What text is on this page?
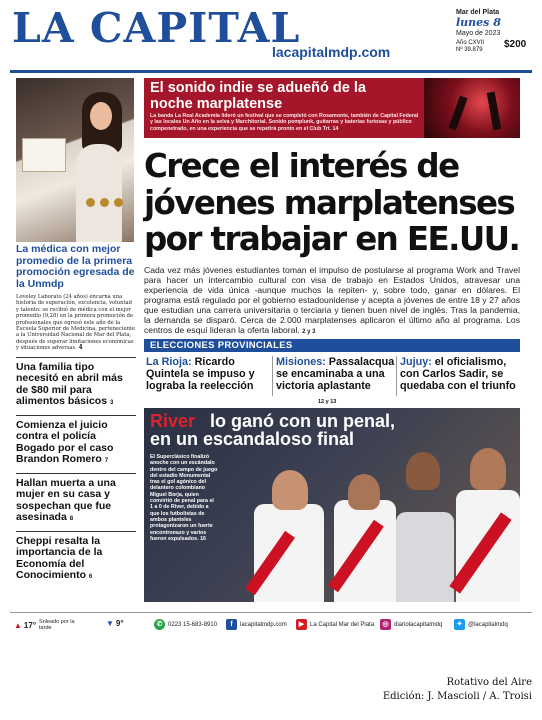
LA CAPITAL
lacapitalmdp.com
Mar del Plata
lunes 8
Mayo de 2023
Año CXVII
Nº 39.879	$200
La médica con mejor promedio de la primera promoción egresada de la Unmdp
Loveley Laborato (24 años) encarna una historia de superación, excelencia, voluntad y talento: se recibió de médica con el mejor promedio (9,28) en la primera promoción de profesionales que egresó este año de la Escuela Superior de Medicina, perteneciente a la Universidad Nacional de Mar del Plata, después de superar limitaciones económicas y situaciones adversas. 4
Una familia tipo necesitó en abril más de $80 mil para alimentos básicos 3
Comienza el juicio contra el policía Bogado por el caso Brandon Romero 7
Hallan muerta a una mujer en su casa y sospechan que fue asesinada 8
Cheppi resalta la importancia de la Economía del Conocimiento 6
El sonido indie se adueñó de la noche marplatense
La banda La Real Academia lideró un festival que se completó con Rosamonte, también de Capital Federal y las locales Un Año en la selva y Marchitorial. Sonido pomplunk, guitarras y baterías furiosas y público compenetrado, en una experiencia que se repetirá pronto en el Club Trt. 14
Crece el interés de jóvenes marplatenses por trabajar en EE.UU.
Cada vez más jóvenes estudiantes toman el impulso de postularse al programa Work and Travel para hacer un intercambio cultural con visa de trabajo en Estados Unidos, atravesar una experiencia de vida única -aunque muchos la repiten- y, sobre todo, ganar en dólares. El programa está regulado por el gobierno estadounidense y acepta a jóvenes de entre 18 y 27 años que estudian una carrera universitaria o terciaria y tienen buen nivel de inglés. Tras la pandemia, la demanda se disparó. Cerca de 2.000 marplatenses aplicaron el último año al programa. Los centros de esquí lideran la oferta laboral. 2 y 3
ELECCIONES PROVINCIALES
La Rioja: Ricardo Quintela se impuso y lograba la reelección
Misiones: Passalacqua se encaminaba a una victoria aplastante
Jujuy: el oficialismo, con Carlos Sadir, se quedaba con el triunfo
12 y 13
River lo ganó con un penal,
en un escandaloso final
El Superclásico finalizó anoche con un escándalo dentro del campo de juego del estadio Monumental tras el gol agónico del delantero colombiano Miguel Borja, quien convirtió de penal para el 1 a 0 de River, debido a que los futbolistas de ambos planteles protagonizaron un fuerte encontronazo y varios fueron expulsados. 16
▲ 17° Soleado por la tarde	▼ 9°	✆ 0223 15-683-8910	f	lacapitalmdp.com	▶ La Capital Mar del Plata	◎ diariolacapitalmdq	✦ @lacapitalmdq
Rotativo del Aire
Edición: J. Mascioli / A. Troisi
